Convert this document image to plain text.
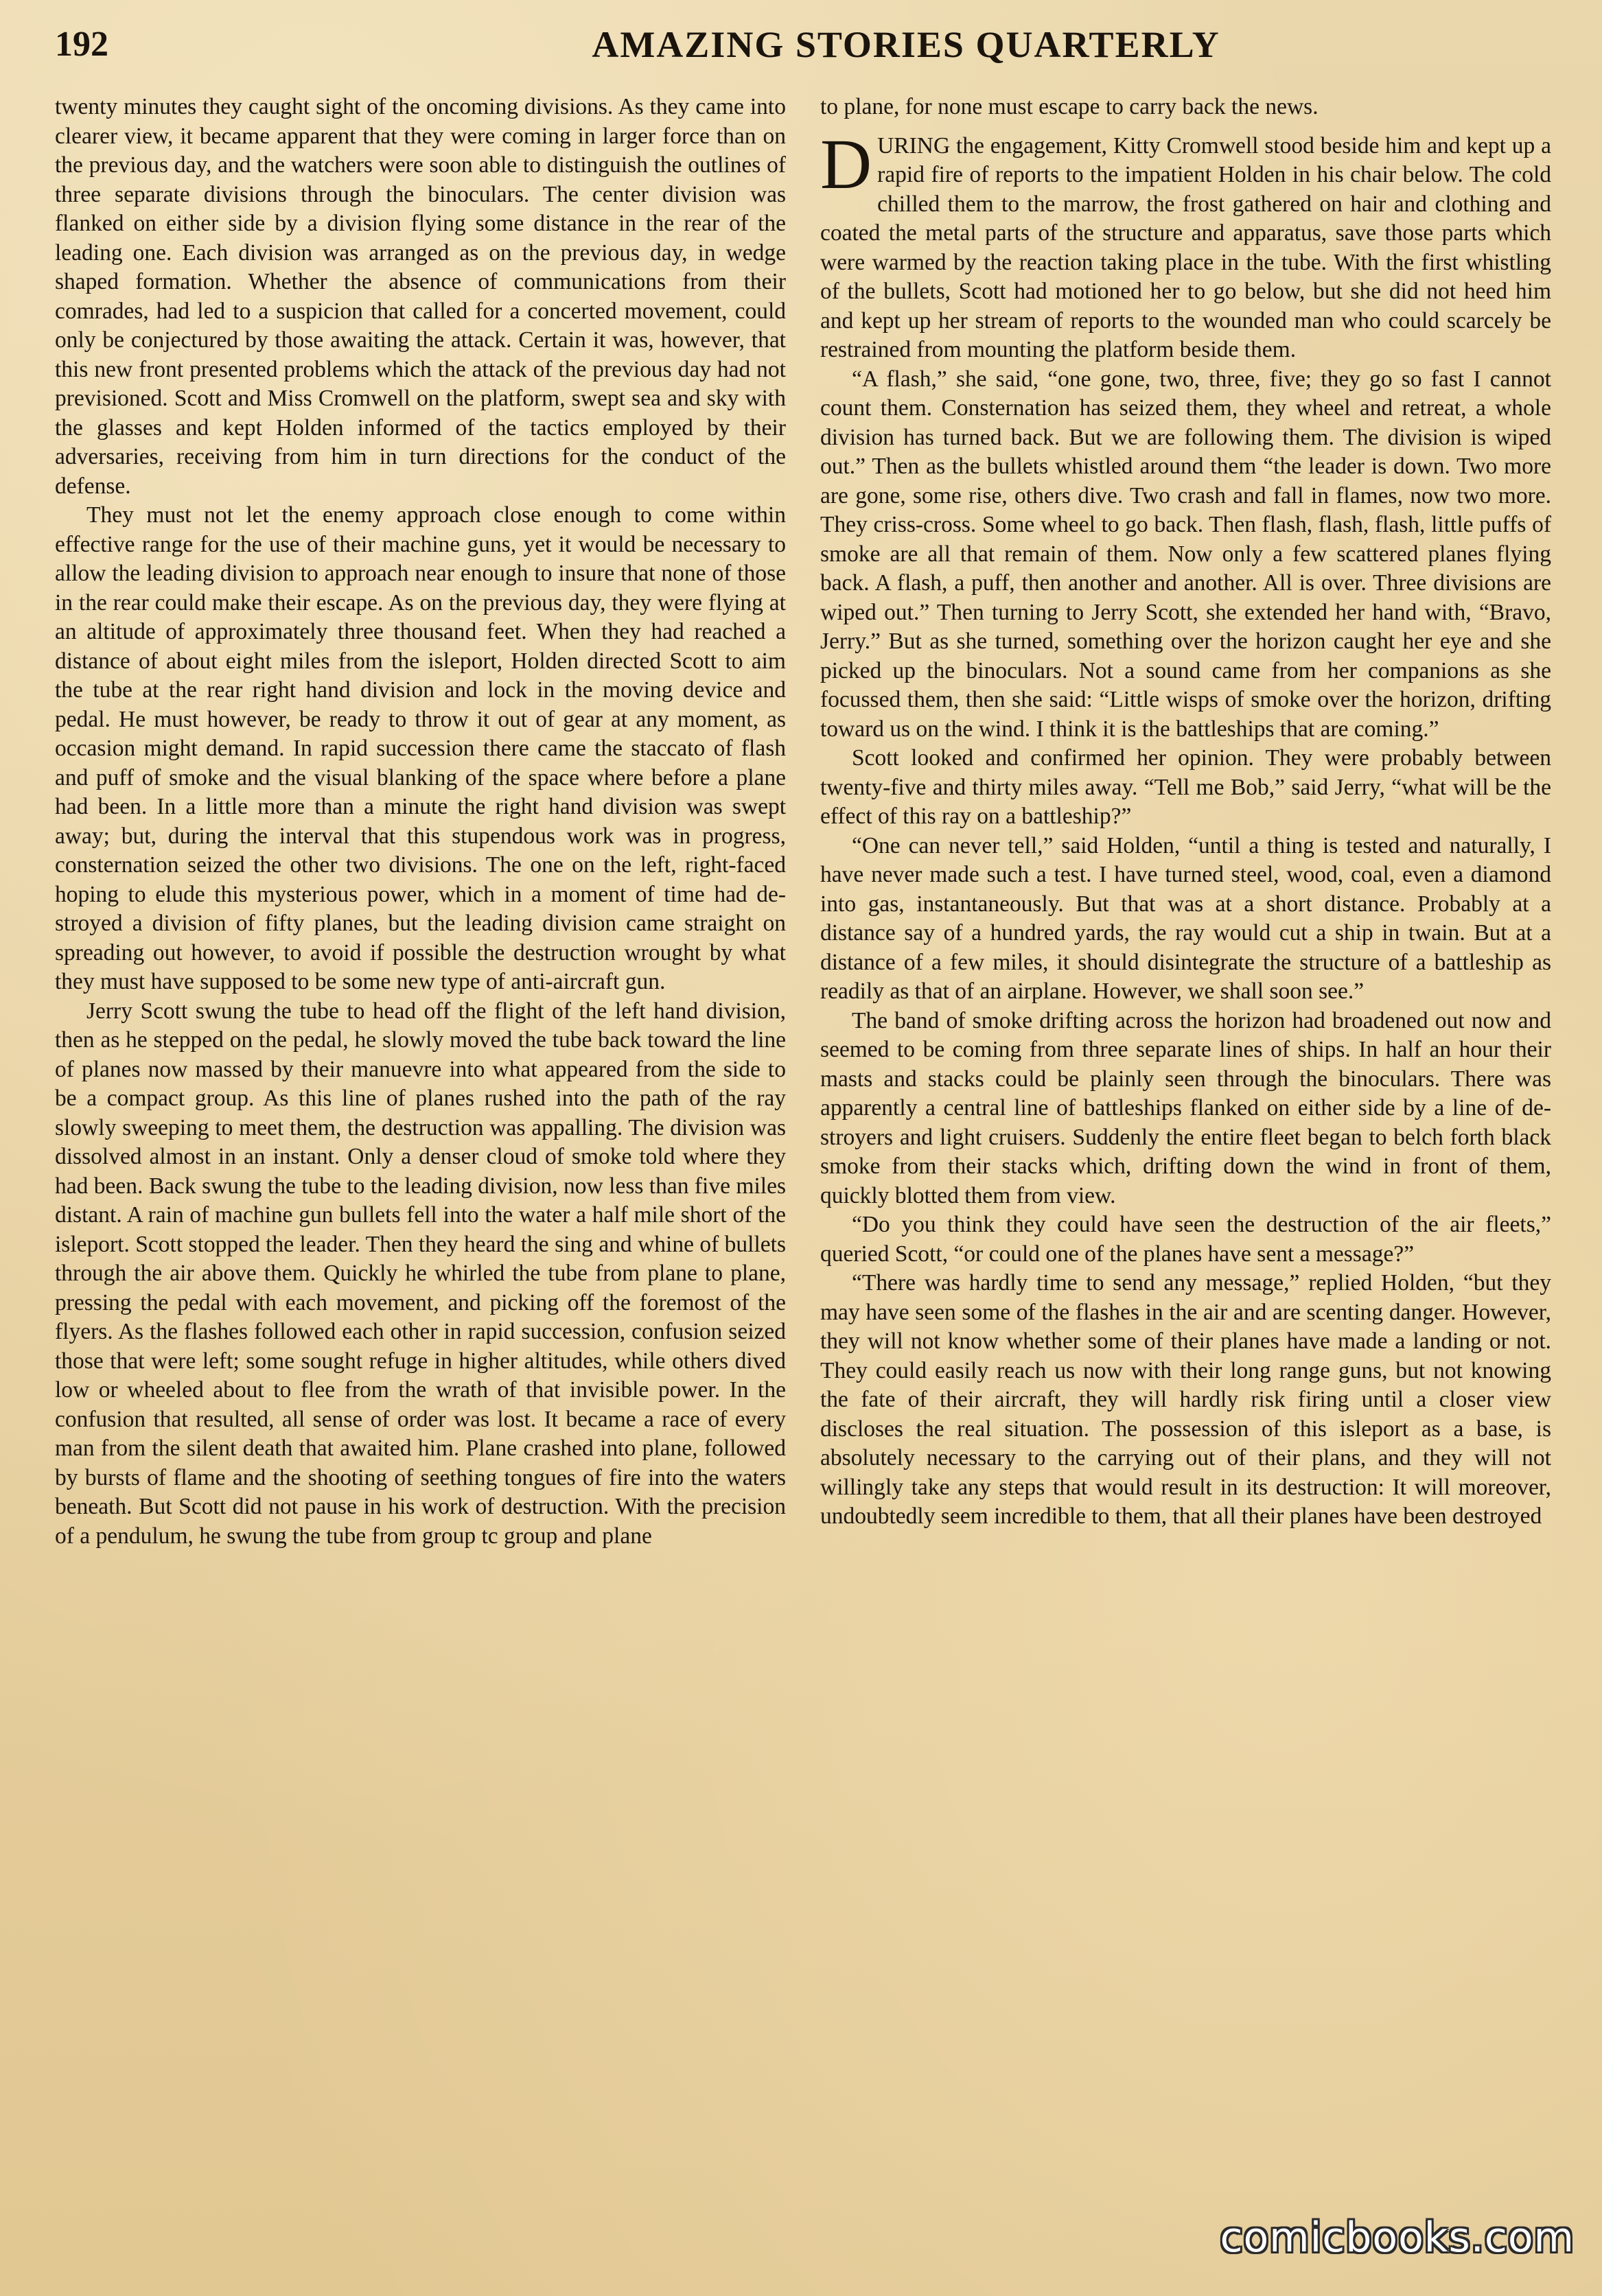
192	AMAZING STORIES QUARTERLY

twenty minutes they caught sight of the oncoming divisions. As they came into clearer view, it became apparent that they were coming in larger force than on the previous day, and the watchers were soon able to distinguish the outlines of three separate divisions through the binoculars. The center division was flanked on either side by a division flying some distance in the rear of the leading one. Each division was arranged as on the previous day, in wedge shaped formation. Whether the absence of communications from their comrades, had led to a suspicion that called for a concerted movement, could only be conjectured by those awaiting the attack. Certain it was, however, that this new front presented problems which the attack of the previous day had not previsioned. Scott and Miss Cromwell on the platform, swept sea and sky with the glasses and kept Holden informed of the tactics employed by their adversaries, receiving from him in turn directions for the conduct of the defense.

They must not let the enemy approach close enough to come within effective range for the use of their machine guns, yet it would be necessary to allow the leading division to approach near enough to insure that none of those in the rear could make their escape. As on the previous day, they were flying at an altitude of approximately three thousand feet. When they had reached a distance of about eight miles from the isleport, Holden directed Scott to aim the tube at the rear right hand division and lock in the moving device and pedal. He must however, be ready to throw it out of gear at any moment, as occasion might demand. In rapid succession there came the staccato of flash and puff of smoke and the visual blanking of the space where before a plane had been. In a little more than a minute the right hand division was swept away; but, during the interval that this stupendous work was in progress, consternation seized the other two divisions. The one on the left, right-faced hoping to elude this mysterious power, which in a moment of time had destroyed a division of fifty planes, but the leading division came straight on spreading out however, to avoid if possible the destruction wrought by what they must have supposed to be some new type of anti-aircraft gun.

Jerry Scott swung the tube to head off the flight of the left hand division, then as he stepped on the pedal, he slowly moved the tube back toward the line of planes now massed by their manuevre into what appeared from the side to be a compact group. As this line of planes rushed into the path of the ray slowly sweeping to meet them, the destruction was appalling. The division was dissolved almost in an instant. Only a denser cloud of smoke told where they had been. Back swung the tube to the leading division, now less than five miles distant. A rain of machine gun bullets fell into the water a half mile short of the isleport. Scott stopped the leader. Then they heard the sing and whine of bullets through the air above them. Quickly he whirled the tube from plane to plane, pressing the pedal with each movement, and picking off the foremost of the flyers. As the flashes followed each other in rapid succession, confusion seized those that were left; some sought refuge in higher altitudes, while others dived low or wheeled about to flee from the wrath of that invisible power. In the confusion that resulted, all sense of order was lost. It became a race of every man from the silent death that awaited him. Plane crashed into plane, followed by bursts of flame and the shooting of seething tongues of fire into the waters beneath. But Scott did not pause in his work of destruction. With the precision of a pendulum, he swung the tube from group tc group and plane

to plane, for none must escape to carry back the news.

DURING the engagement, Kitty Cromwell stood beside him and kept up a rapid fire of reports to the impatient Holden in his chair below. The cold chilled them to the marrow, the frost gathered on hair and clothing and coated the metal parts of the structure and apparatus, save those parts which were warmed by the reaction taking place in the tube. With the first whistling of the bullets, Scott had motioned her to go below, but she did not heed him and kept up her stream of reports to the wounded man who could scarcely be restrained from mounting the platform beside them.

“A flash,” she said, “one gone, two, three, five; they go so fast I cannot count them. Consternation has seized them, they wheel and retreat, a whole division has turned back. But we are following them. The division is wiped out.” Then as the bullets whistled around them “the leader is down. Two more are gone, some rise, others dive. Two crash and fall in flames, now two more. They criss-cross. Some wheel to go back. Then flash, flash, flash, little puffs of smoke are all that remain of them. Now only a few scattered planes flying back. A flash, a puff, then another and another. All is over. Three divisions are wiped out.” Then turning to Jerry Scott, she extended her hand with, “Bravo, Jerry.” But as she turned, something over the horizon caught her eye and she picked up the binoculars. Not a sound came from her companions as she focussed them, then she said: “Little wisps of smoke over the horizon, drifting toward us on the wind. I think it is the battleships that are coming.”

Scott looked and confirmed her opinion. They were probably between twenty-five and thirty miles away. “Tell me Bob,” said Jerry, “what will be the effect of this ray on a battleship?”

“One can never tell,” said Holden, “until a thing is tested and naturally, I have never made such a test. I have turned steel, wood, coal, even a diamond into gas, instantaneously. But that was at a short distance. Probably at a distance say of a hundred yards, the ray would cut a ship in twain. But at a distance of a few miles, it should disintegrate the structure of a battleship as readily as that of an airplane. However, we shall soon see.”

The band of smoke drifting across the horizon had broadened out now and seemed to be coming from three separate lines of ships. In half an hour their masts and stacks could be plainly seen through the binoculars. There was apparently a central line of battleships flanked on either side by a line of destroyers and light cruisers. Suddenly the entire fleet began to belch forth black smoke from their stacks which, drifting down the wind in front of them, quickly blotted them from view.

“Do you think they could have seen the destruction of the air fleets,” queried Scott, “or could one of the planes have sent a message?”

“There was hardly time to send any message,” replied Holden, “but they may have seen some of the flashes in the air and are scenting danger. However, they will not know whether some of their planes have made a landing or not. They could easily reach us now with their long range guns, but not knowing the fate of their aircraft, they will hardly risk firing until a closer view discloses the real situation. The possession of this isleport as a base, is absolutely necessary to the carrying out of their plans, and they will not willingly take any steps that would result in its destruction: It will moreover, undoubtedly seem incredible to them, that all their planes have been destroyed

comicbooks.com
